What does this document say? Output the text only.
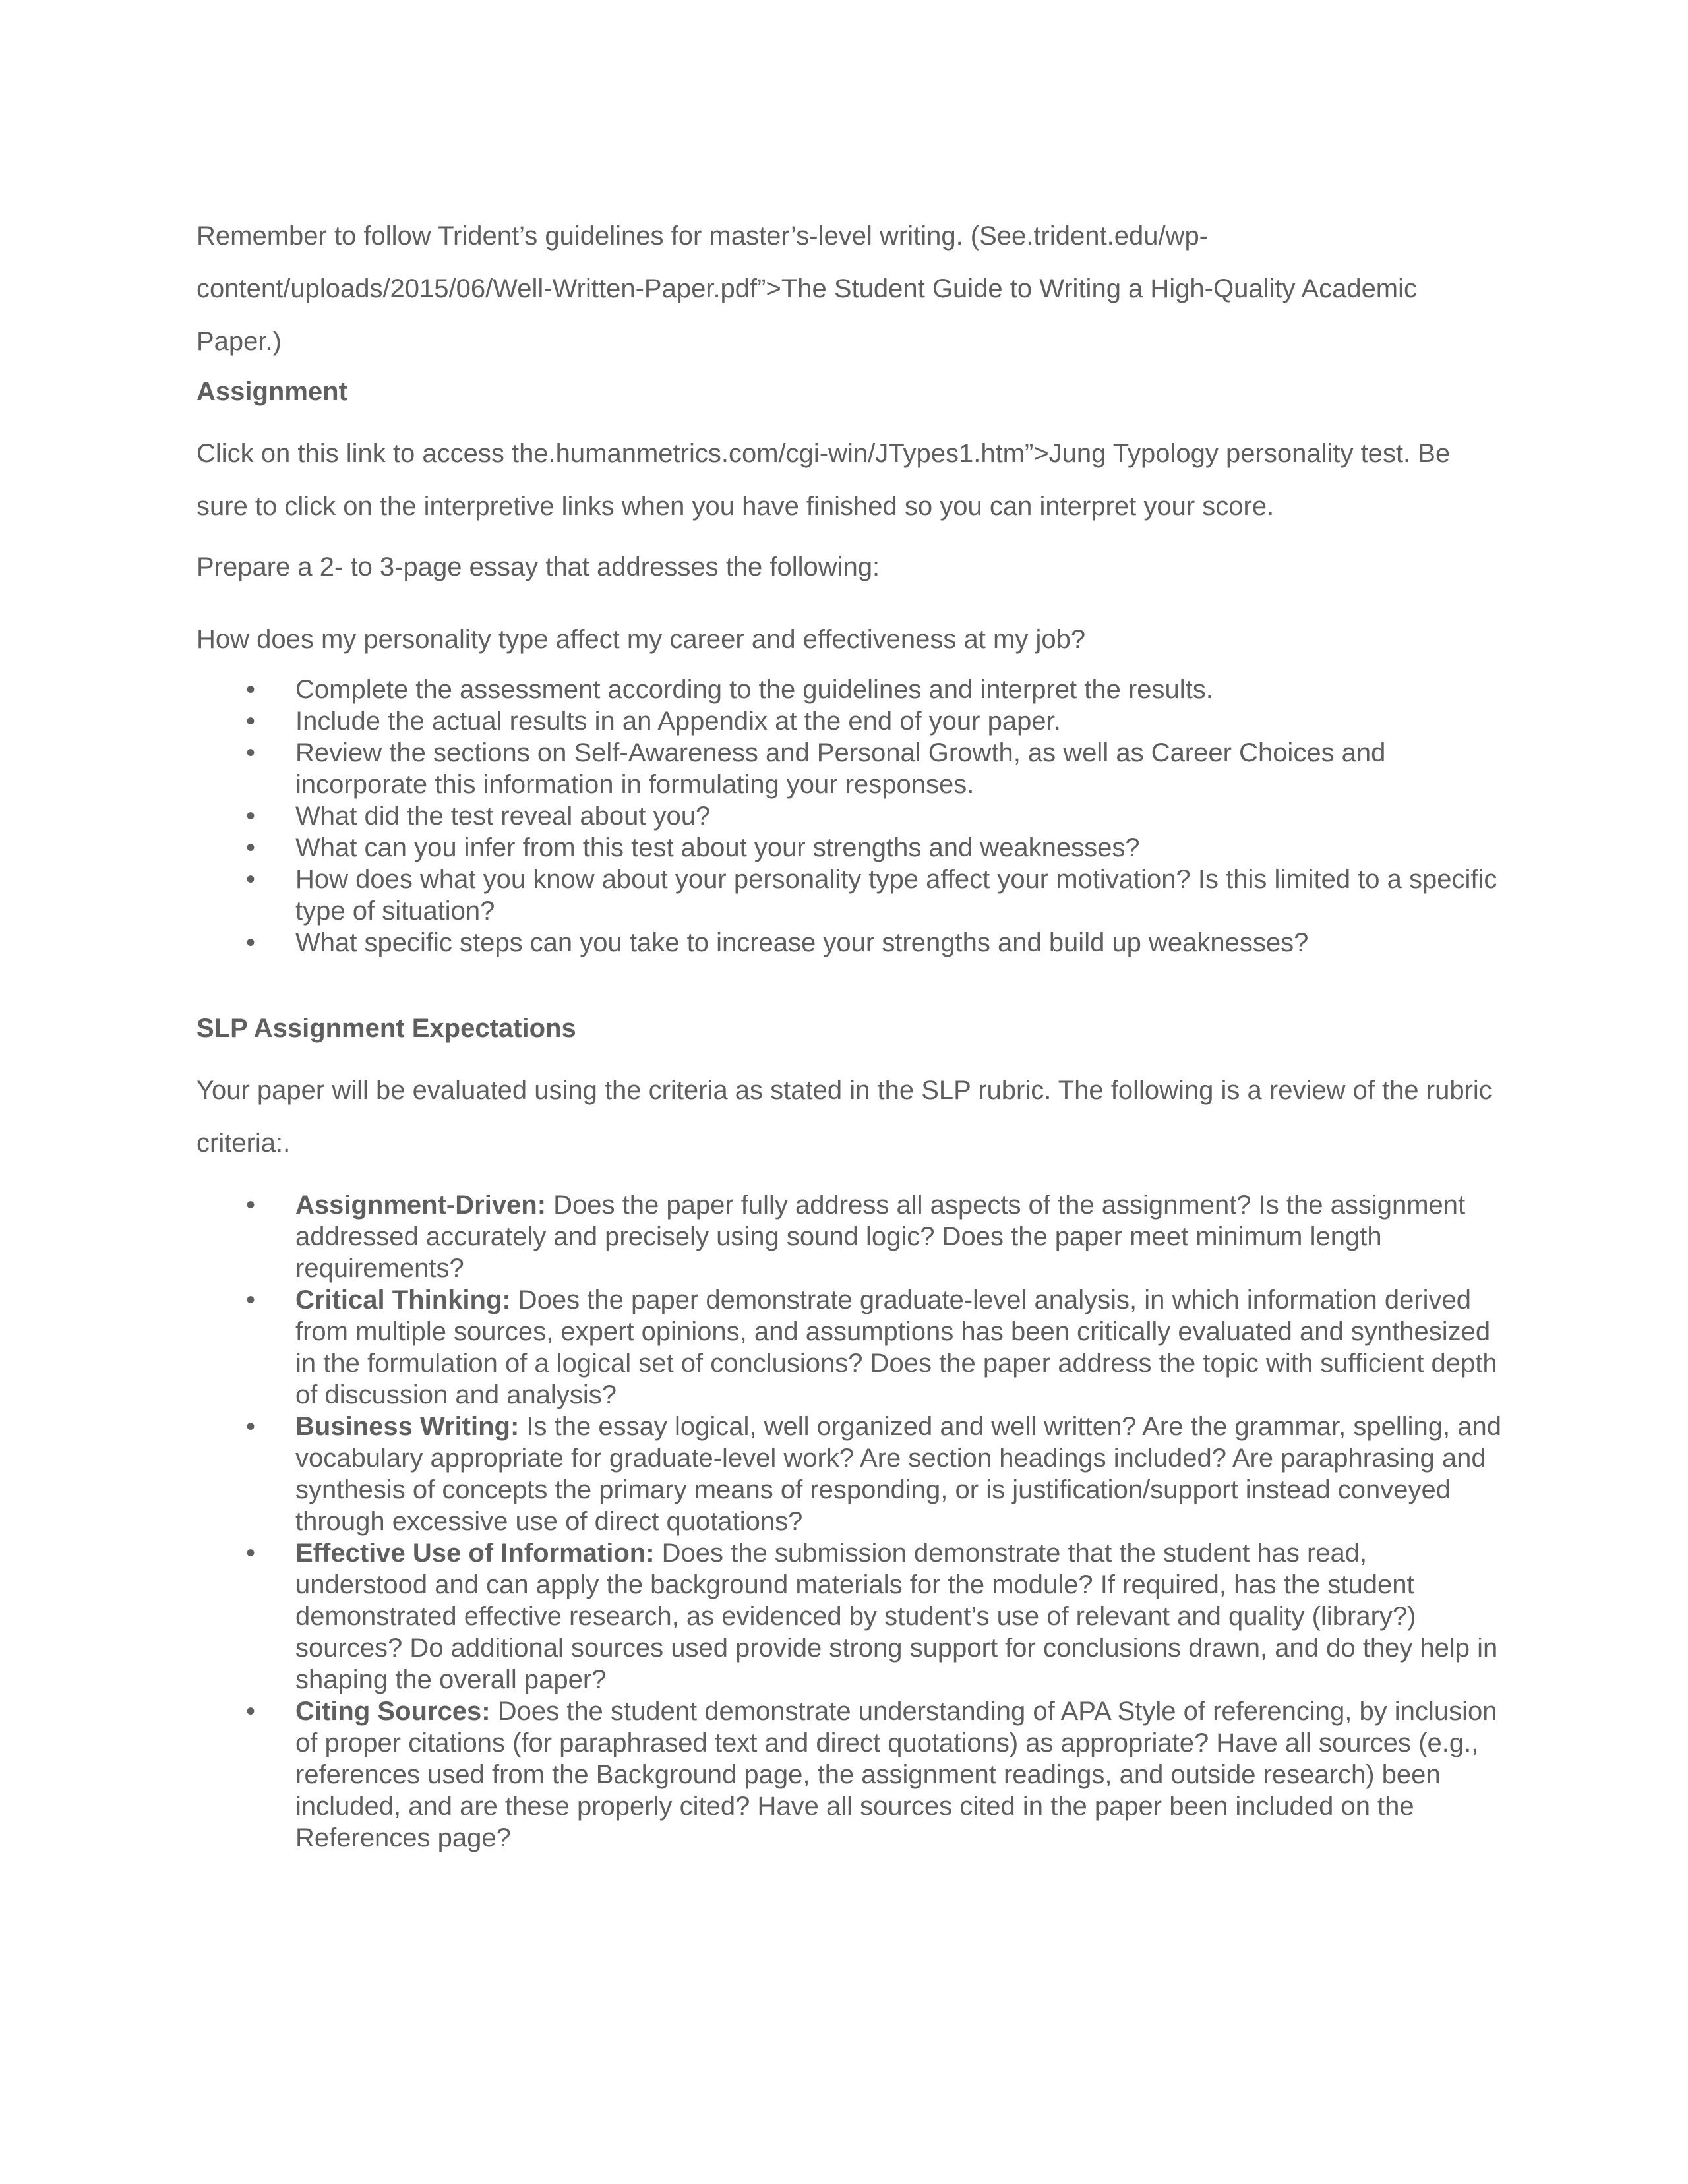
Remember to follow Trident’s guidelines for master’s-level writing. (See.trident.edu/wp-content/uploads/2015/06/Well-Written-Paper.pdf”>The Student Guide to Writing a High-Quality Academic Paper.)

Assignment

Click on this link to access the.humanmetrics.com/cgi-win/JTypes1.htm”>Jung Typology personality test. Be sure to click on the interpretive links when you have finished so you can interpret your score.

Prepare a 2- to 3-page essay that addresses the following:

How does my personality type affect my career and effectiveness at my job?

• Complete the assessment according to the guidelines and interpret the results.
• Include the actual results in an Appendix at the end of your paper.
• Review the sections on Self-Awareness and Personal Growth, as well as Career Choices and incorporate this information in formulating your responses.
• What did the test reveal about you?
• What can you infer from this test about your strengths and weaknesses?
• How does what you know about your personality type affect your motivation? Is this limited to a specific type of situation?
• What specific steps can you take to increase your strengths and build up weaknesses?
SLP Assignment Expectations

Your paper will be evaluated using the criteria as stated in the SLP rubric. The following is a review of the rubric criteria:.

• Assignment-Driven: Does the paper fully address all aspects of the assignment? Is the assignment addressed accurately and precisely using sound logic? Does the paper meet minimum length requirements?
• Critical Thinking: Does the paper demonstrate graduate-level analysis, in which information derived from multiple sources, expert opinions, and assumptions has been critically evaluated and synthesized in the formulation of a logical set of conclusions? Does the paper address the topic with sufficient depth of discussion and analysis?
• Business Writing: Is the essay logical, well organized and well written? Are the grammar, spelling, and vocabulary appropriate for graduate-level work? Are section headings included? Are paraphrasing and synthesis of concepts the primary means of responding, or is justification/support instead conveyed through excessive use of direct quotations?
• Effective Use of Information: Does the submission demonstrate that the student has read, understood and can apply the background materials for the module? If required, has the student demonstrated effective research, as evidenced by student’s use of relevant and quality (library?) sources? Do additional sources used provide strong support for conclusions drawn, and do they help in shaping the overall paper?
• Citing Sources: Does the student demonstrate understanding of APA Style of referencing, by inclusion of proper citations (for paraphrased text and direct quotations) as appropriate? Have all sources (e.g., references used from the Background page, the assignment readings, and outside research) been included, and are these properly cited? Have all sources cited in the paper been included on the References page?
